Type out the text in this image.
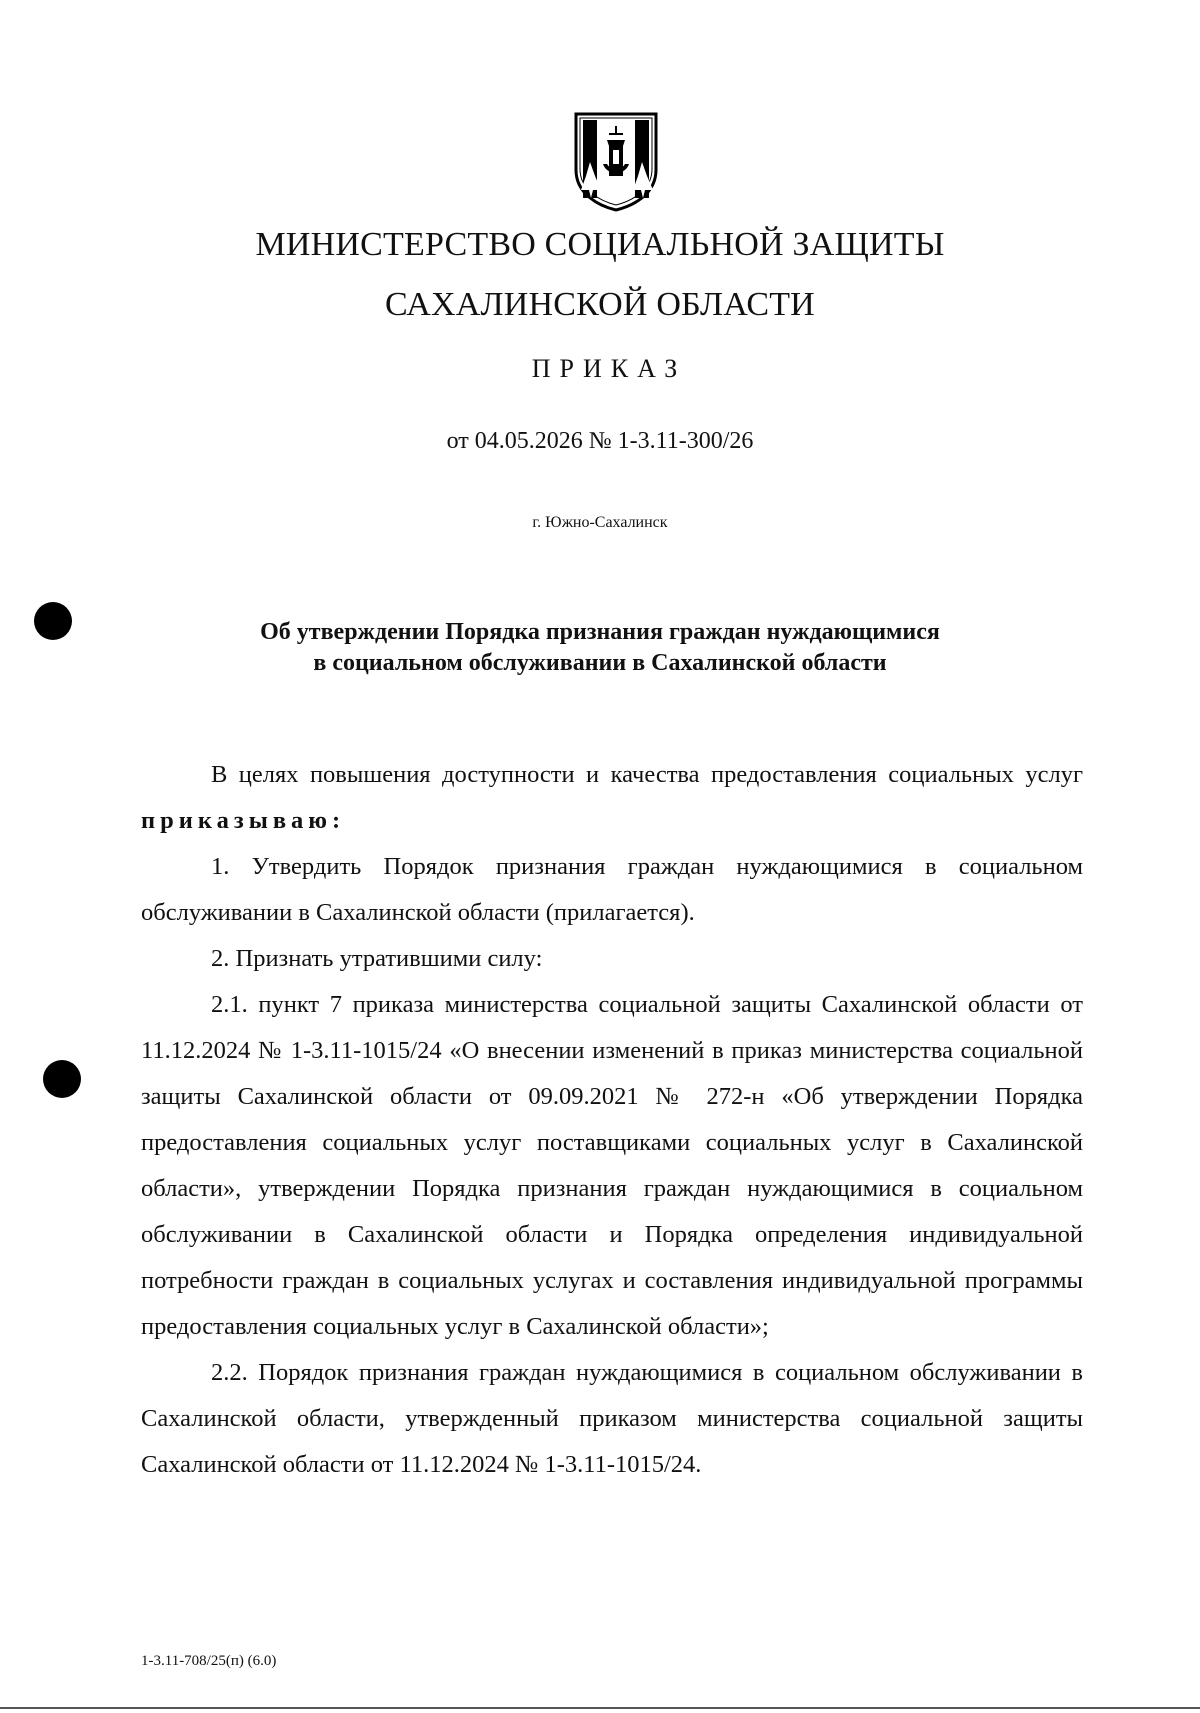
МИНИСТЕРСТВО СОЦИАЛЬНОЙ ЗАЩИТЫ
САХАЛИНСКОЙ ОБЛАСТИ
ПРИКАЗ
от 04.05.2026 № 1-3.11-300/26
г. Южно-Сахалинск
Об утверждении Порядка признания граждан нуждающимися
в социальном обслуживании в Сахалинской области

В целях повышения доступности и качества предоставления социальных услуг приказываю:

1. Утвердить Порядок признания граждан нуждающимися в социальном обслуживании в Сахалинской области (прилагается).

2. Признать утратившими силу:

2.1. пункт 7 приказа министерства социальной защиты Сахалинской области от 11.12.2024 № 1-3.11-1015/24 «О внесении изменений в приказ министерства социальной защиты Сахалинской области от 09.09.2021 № 272-н «Об утверждении Порядка предоставления социальных услуг поставщиками социальных услуг в Сахалинской области», утверждении Порядка признания граждан нуждающимися в социальном обслуживании в Сахалинской области и Порядка определения индивидуальной потребности граждан в социальных услугах и составления индивидуальной программы предоставления социальных услуг в Сахалинской области»;

2.2. Порядок признания граждан нуждающимися в социальном обслуживании в Сахалинской области, утвержденный приказом министерства социальной защиты Сахалинской области от 11.12.2024 № 1-3.11-1015/24.

1-3.11-708/25(п) (6.0)
